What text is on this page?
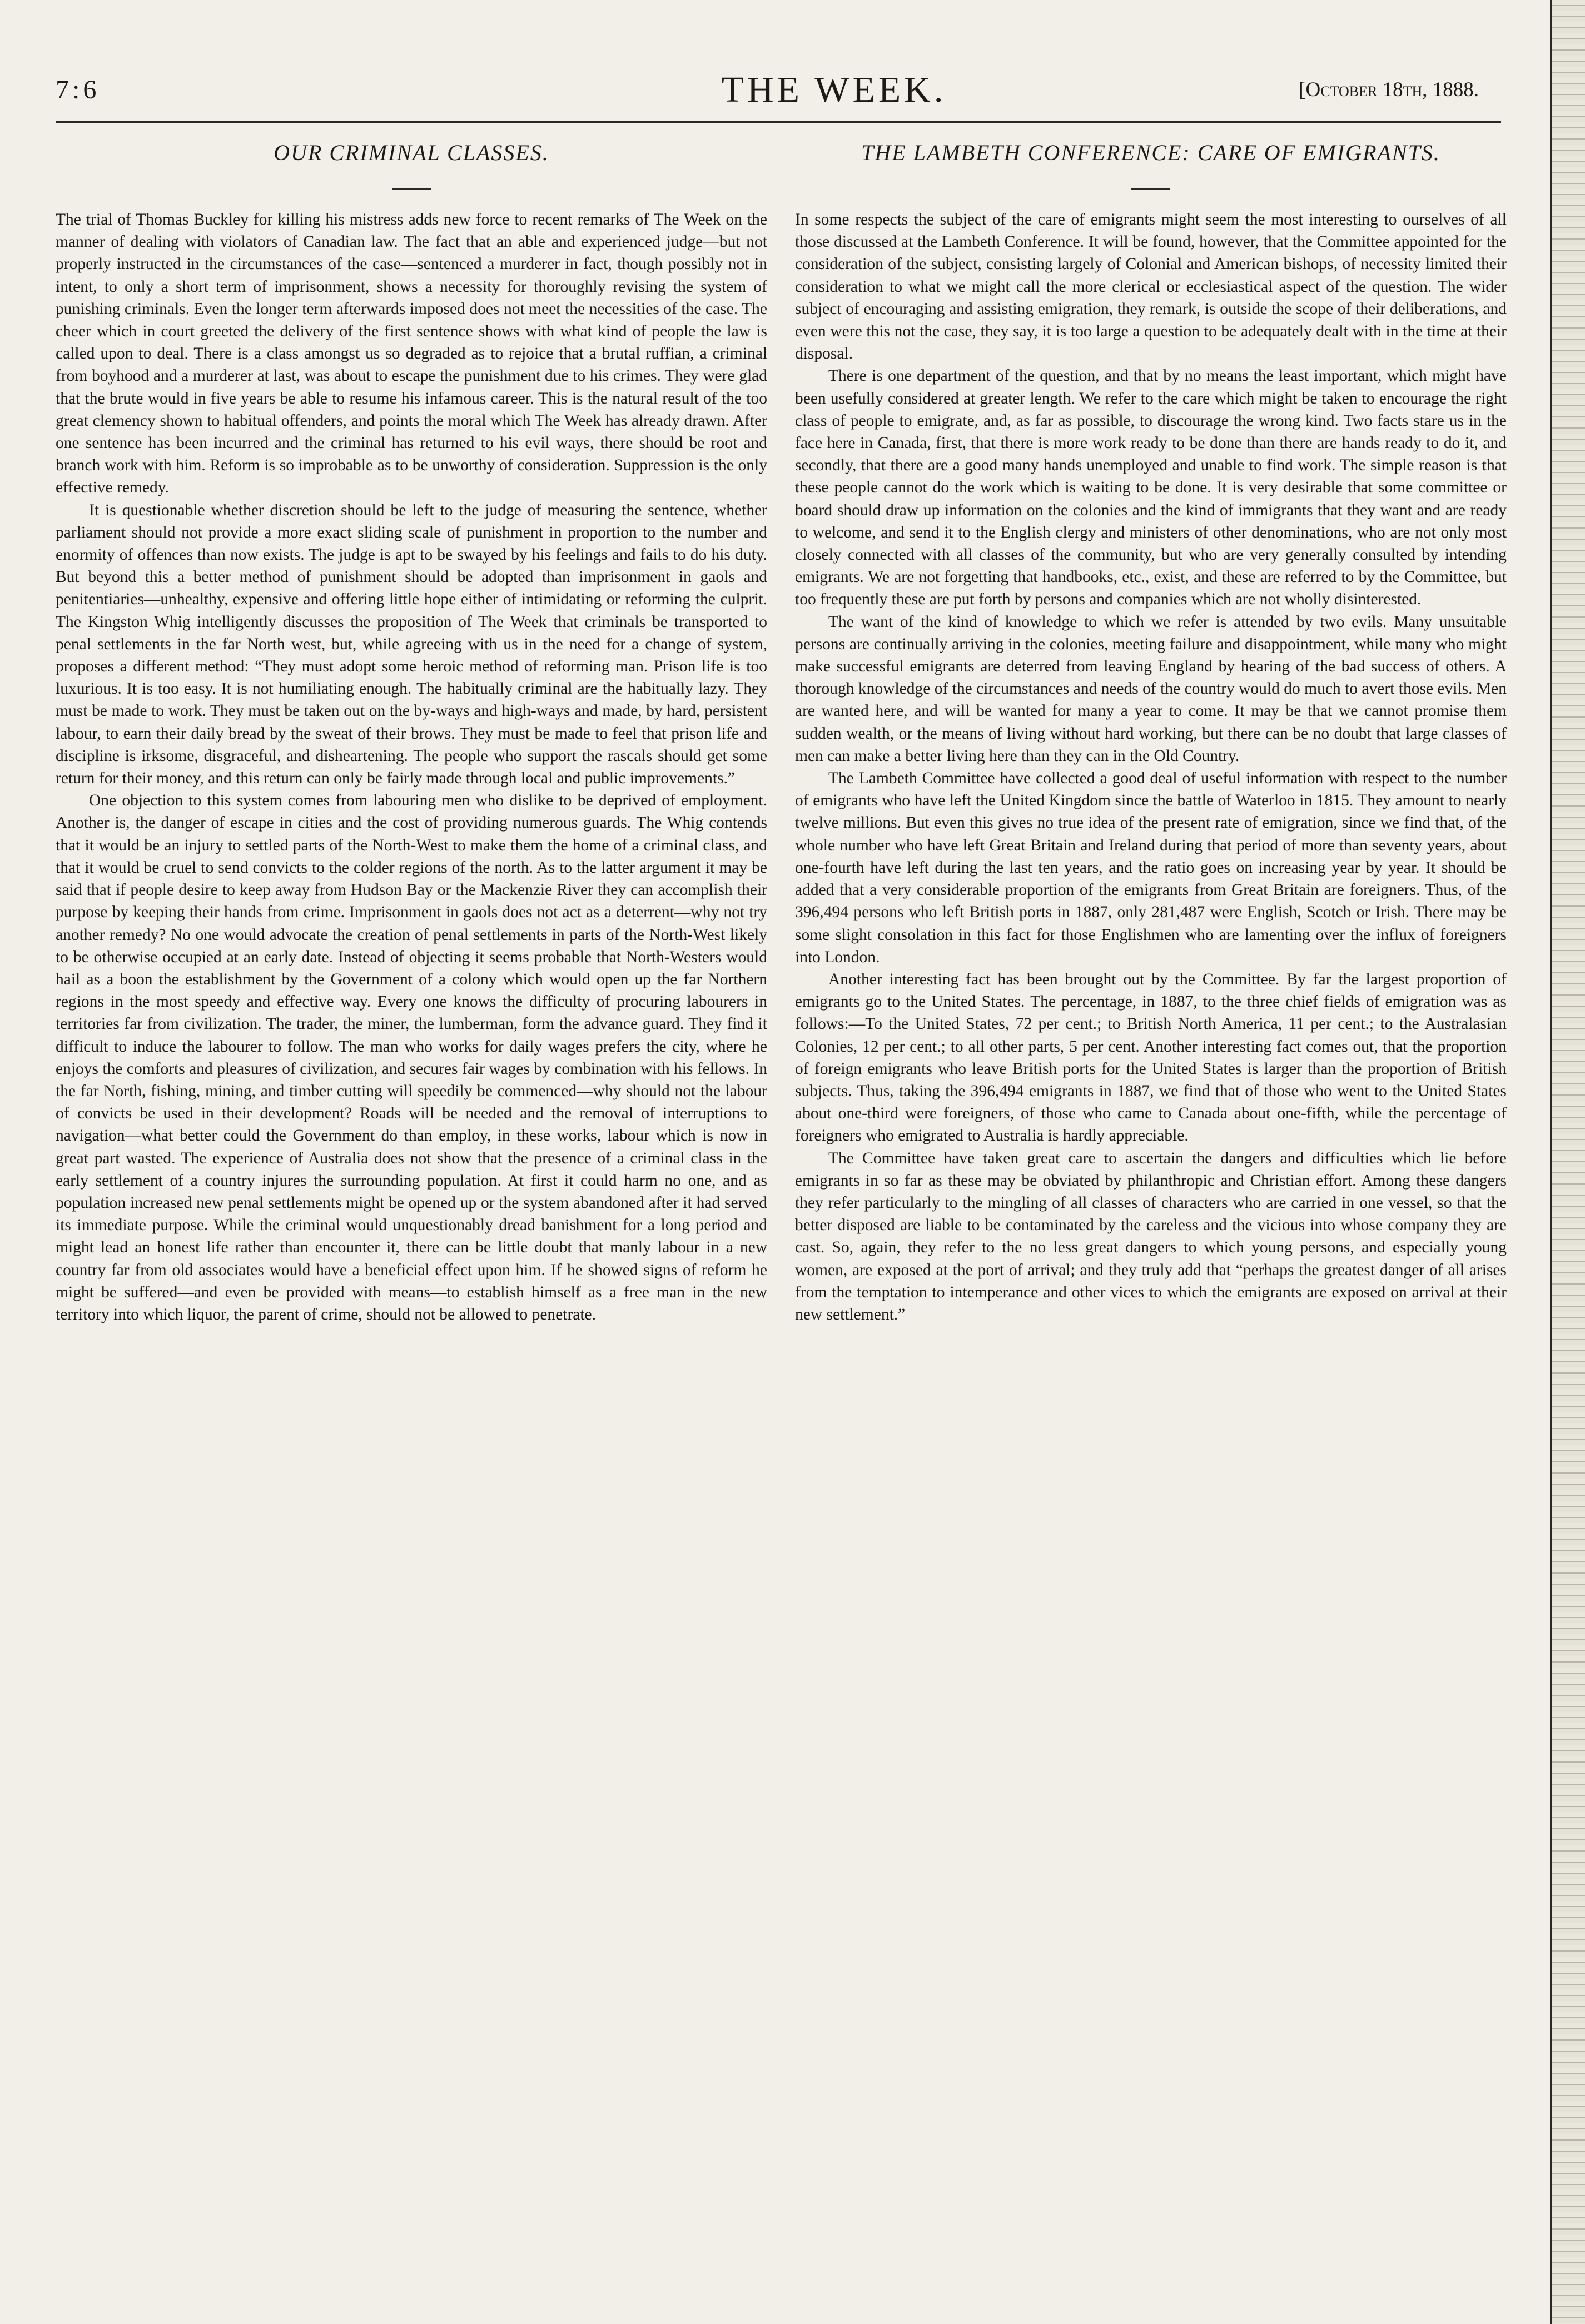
7:6	THE WEEK.	[October 18th, 1888.
OUR CRIMINAL CLASSES.

The trial of Thomas Buckley for killing his mistress adds new force to recent remarks of The Week on the manner of dealing with violators of Canadian law. The fact that an able and experienced judge—but not properly instructed in the circumstances of the case—sentenced a murderer in fact, though possibly not in intent, to only a short term of imprisonment, shows a necessity for thoroughly revising the system of punishing criminals. Even the longer term afterwards imposed does not meet the necessities of the case. The cheer which in court greeted the delivery of the first sentence shows with what kind of people the law is called upon to deal. There is a class amongst us so degraded as to rejoice that a brutal ruffian, a criminal from boyhood and a murderer at last, was about to escape the punishment due to his crimes. They were glad that the brute would in five years be able to resume his infamous career. This is the natural result of the too great clemency shown to habitual offenders, and points the moral which The Week has already drawn. After one sentence has been incurred and the criminal has returned to his evil ways, there should be root and branch work with him. Reform is so improbable as to be unworthy of consideration. Suppression is the only effective remedy.

It is questionable whether discretion should be left to the judge of measuring the sentence, whether parliament should not provide a more exact sliding scale of punishment in proportion to the number and enormity of offences than now exists. The judge is apt to be swayed by his feelings and fails to do his duty. But beyond this a better method of punishment should be adopted than imprisonment in gaols and penitentiaries—unhealthy, expensive and offering little hope either of intimidating or reforming the culprit. The Kingston Whig intelligently discusses the proposition of The Week that criminals be transported to penal settlements in the far North west, but, while agreeing with us in the need for a change of system, proposes a different method: “They must adopt some heroic method of reforming man. Prison life is too luxurious. It is too easy. It is not humiliating enough. The habitually criminal are the habitually lazy. They must be made to work. They must be taken out on the by-ways and high-ways and made, by hard, persistent labour, to earn their daily bread by the sweat of their brows. They must be made to feel that prison life and discipline is irksome, disgraceful, and disheartening. The people who support the rascals should get some return for their money, and this return can only be fairly made through local and public improvements.”

One objection to this system comes from labouring men who dislike to be deprived of employment. Another is, the danger of escape in cities and the cost of providing numerous guards. The Whig contends that it would be an injury to settled parts of the North-West to make them the home of a criminal class, and that it would be cruel to send convicts to the colder regions of the north. As to the latter argument it may be said that if people desire to keep away from Hudson Bay or the Mackenzie River they can accomplish their purpose by keeping their hands from crime. Imprisonment in gaols does not act as a deterrent—why not try another remedy? No one would advocate the creation of penal settlements in parts of the North-West likely to be otherwise occupied at an early date. Instead of objecting it seems probable that North-Westers would hail as a boon the establishment by the Government of a colony which would open up the far Northern regions in the most speedy and effective way. Every one knows the difficulty of procuring labourers in territories far from civilization. The trader, the miner, the lumberman, form the advance guard. They find it difficult to induce the labourer to follow. The man who works for daily wages prefers the city, where he enjoys the comforts and pleasures of civilization, and secures fair wages by combination with his fellows. In the far North, fishing, mining, and timber cutting will speedily be commenced—why should not the labour of convicts be used in their development? Roads will be needed and the removal of interruptions to navigation—what better could the Government do than employ, in these works, labour which is now in great part wasted. The experience of Australia does not show that the presence of a criminal class in the early settlement of a country injures the surrounding population. At first it could harm no one, and as population increased new penal settlements might be opened up or the system abandoned after it had served its immediate purpose. While the criminal would unquestionably dread banishment for a long period and might lead an honest life rather than encounter it, there can be little doubt that manly labour in a new country far from old associates would have a beneficial effect upon him. If he showed signs of reform he might be suffered—and even be provided with means—to establish himself as a free man in the new territory into which liquor, the parent of crime, should not be allowed to penetrate.

THE LAMBETH CONFERENCE: CARE OF EMIGRANTS.

In some respects the subject of the care of emigrants might seem the most interesting to ourselves of all those discussed at the Lambeth Conference. It will be found, however, that the Committee appointed for the consideration of the subject, consisting largely of Colonial and American bishops, of necessity limited their consideration to what we might call the more clerical or ecclesiastical aspect of the question. The wider subject of encouraging and assisting emigration, they remark, is outside the scope of their deliberations, and even were this not the case, they say, it is too large a question to be adequately dealt with in the time at their disposal.

There is one department of the question, and that by no means the least important, which might have been usefully considered at greater length. We refer to the care which might be taken to encourage the right class of people to emigrate, and, as far as possible, to discourage the wrong kind. Two facts stare us in the face here in Canada, first, that there is more work ready to be done than there are hands ready to do it, and secondly, that there are a good many hands unemployed and unable to find work. The simple reason is that these people cannot do the work which is waiting to be done. It is very desirable that some committee or board should draw up information on the colonies and the kind of immigrants that they want and are ready to welcome, and send it to the English clergy and ministers of other denominations, who are not only most closely connected with all classes of the community, but who are very generally consulted by intending emigrants. We are not forgetting that handbooks, etc., exist, and these are referred to by the Committee, but too frequently these are put forth by persons and companies which are not wholly disinterested.

The want of the kind of knowledge to which we refer is attended by two evils. Many unsuitable persons are continually arriving in the colonies, meeting failure and disappointment, while many who might make successful emigrants are deterred from leaving England by hearing of the bad success of others. A thorough knowledge of the circumstances and needs of the country would do much to avert those evils. Men are wanted here, and will be wanted for many a year to come. It may be that we cannot promise them sudden wealth, or the means of living without hard working, but there can be no doubt that large classes of men can make a better living here than they can in the Old Country.

The Lambeth Committee have collected a good deal of useful information with respect to the number of emigrants who have left the United Kingdom since the battle of Waterloo in 1815. They amount to nearly twelve millions. But even this gives no true idea of the present rate of emigration, since we find that, of the whole number who have left Great Britain and Ireland during that period of more than seventy years, about one-fourth have left during the last ten years, and the ratio goes on increasing year by year. It should be added that a very considerable proportion of the emigrants from Great Britain are foreigners. Thus, of the 396,494 persons who left British ports in 1887, only 281,487 were English, Scotch or Irish. There may be some slight consolation in this fact for those Englishmen who are lamenting over the influx of foreigners into London.

Another interesting fact has been brought out by the Committee. By far the largest proportion of emigrants go to the United States. The percentage, in 1887, to the three chief fields of emigration was as follows:—To the United States, 72 per cent.; to British North America, 11 per cent.; to the Australasian Colonies, 12 per cent.; to all other parts, 5 per cent. Another interesting fact comes out, that the proportion of foreign emigrants who leave British ports for the United States is larger than the proportion of British subjects. Thus, taking the 396,494 emigrants in 1887, we find that of those who went to the United States about one-third were foreigners, of those who came to Canada about one-fifth, while the percentage of foreigners who emigrated to Australia is hardly appreciable.

The Committee have taken great care to ascertain the dangers and difficulties which lie before emigrants in so far as these may be obviated by philanthropic and Christian effort. Among these dangers they refer particularly to the mingling of all classes of characters who are carried in one vessel, so that the better disposed are liable to be contaminated by the careless and the vicious into whose company they are cast. So, again, they refer to the no less great dangers to which young persons, and especially young women, are exposed at the port of arrival; and they truly add that “perhaps the greatest danger of all arises from the temptation to intemperance and other vices to which the emigrants are exposed on arrival at their new settlement.”
